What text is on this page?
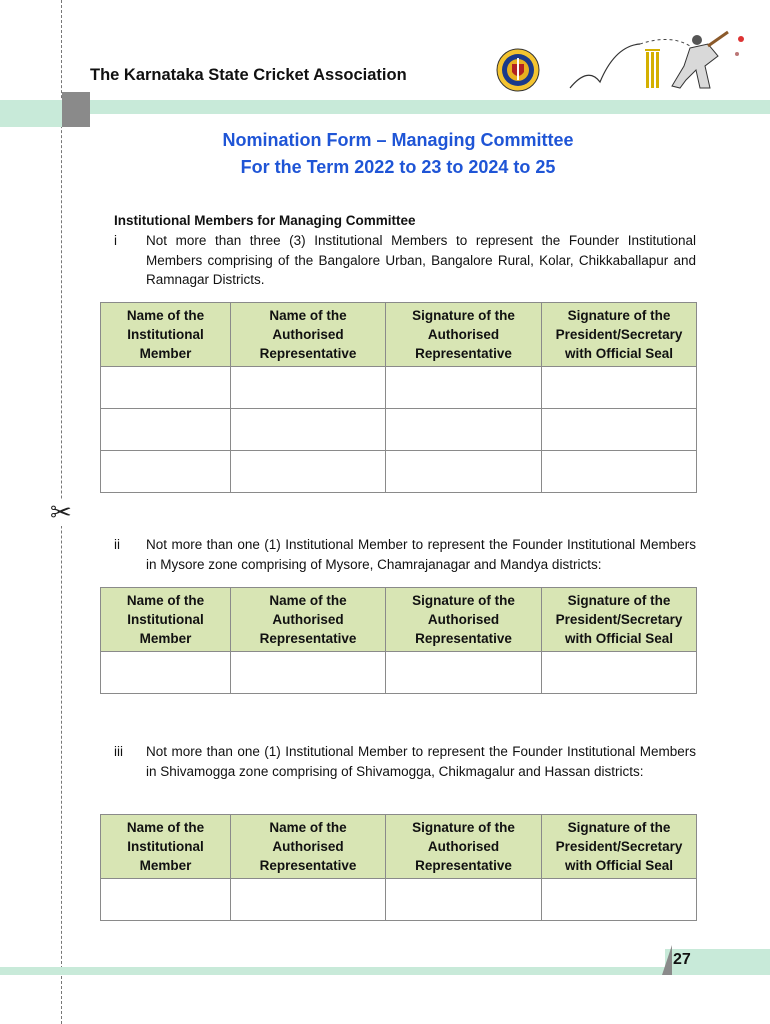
✂
The Karnataka State Cricket Association
Nomination Form – Managing Committee
For the Term 2022 to 23 to 2024 to 25
Institutional Members for Managing Committee
i Not more than three (3) Institutional Members to represent the Founder Institutional Members comprising of the Bangalore Urban, Bangalore Rural, Kolar, Chikkaballapur and Ramnagar Districts.
Name of the Institutional Member	Name of the Authorised Representative	Signature of the Authorised Representative	Signature of the President/Secretary with Official Seal

ii Not more than one (1) Institutional Member to represent the Founder Institutional Members in Mysore zone comprising of Mysore, Chamrajanagar and Mandya districts:
Name of the Institutional Member	Name of the Authorised Representative	Signature of the Authorised Representative	Signature of the President/Secretary with Official Seal

iii Not more than one (1) Institutional Member to represent the Founder Institutional Members in Shivamogga zone comprising of Shivamogga, Chikmagalur and Hassan districts:
Name of the Institutional Member	Name of the Authorised Representative	Signature of the Authorised Representative	Signature of the President/Secretary with Official Seal

27
